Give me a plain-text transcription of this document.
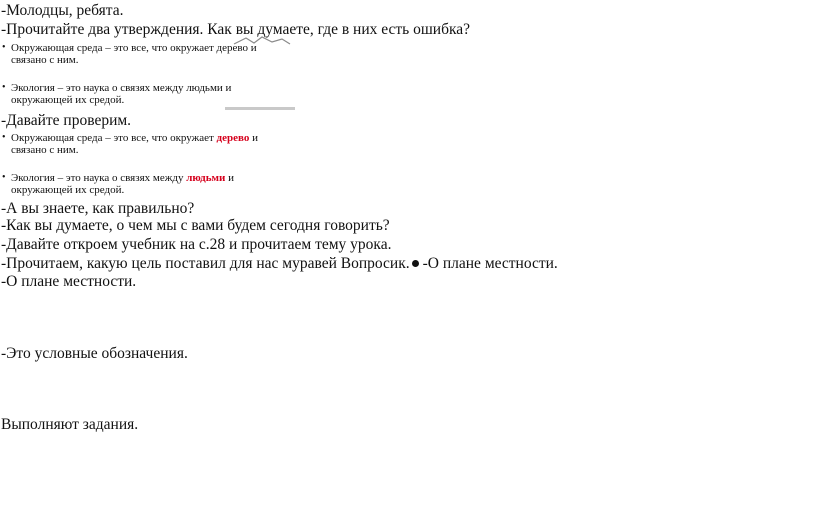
-Молодцы, ребята.
-Прочитайте два утверждения. Как вы думаете, где в них есть ошибка?
• Окружающая среда – это все, что окружает дерево и
связано с ним.
• Экология – это наука о связях между людьми и
окружающей их средой.
-Давайте проверим.
• Окружающая среда – это все, что окружает дерево и
связано с ним.
• Экология – это наука о связях между людьми и
окружающей их средой.
-А вы знаете, как правильно?
-Как вы думаете, о чем мы с вами будем сегодня говорить?
-Давайте откроем учебник на с.28 и прочитаем тему урока.
-Прочитаем, какую цель поставил для нас муравей Вопросик. -О плане местности.
-О плане местности.
-Это условные обозначения.
Выполняют задания.
